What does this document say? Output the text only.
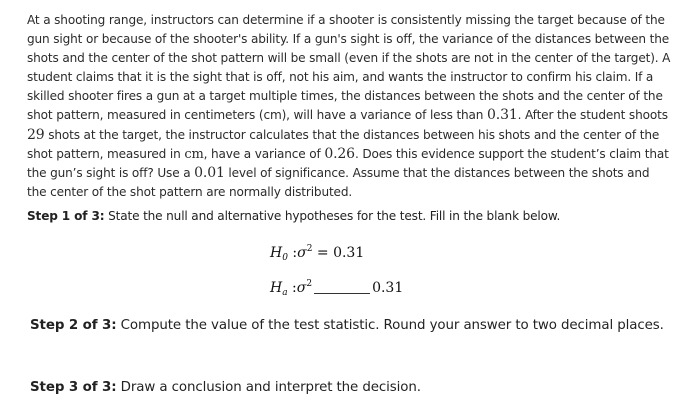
At a shooting range, instructors can determine if a shooter is consistently missing the target because of the gun sight or because of the shooter's ability. If a gun's sight is off, the variance of the distances between the shots and the center of the shot pattern will be small (even if the shots are not in the center of the target). A student claims that it is the sight that is off, not his aim, and wants the instructor to confirm his claim. If a skilled shooter fires a gun at a target multiple times, the distances between the shots and the center of the shot pattern, measured in centimeters (cm), will have a variance of less than 0.31. After the student shoots 29 shots at the target, the instructor calculates that the distances between his shots and the center of the shot pattern, measured in cm, have a variance of 0.26. Does this evidence support the student’s claim that the gun’s sight is off? Use a 0.01 level of significance. Assume that the distances between the shots and the center of the shot pattern are normally distributed.
Step 1 of 3: State the null and alternative hypotheses for the test. Fill in the blank below.
$H_0$ $:\sigma^2 = 0.31$
$H_a$ $:\sigma^2$	0.31
Step 2 of 3: Compute the value of the test statistic. Round your answer to two decimal places.
Step 3 of 3: Draw a conclusion and interpret the decision.
